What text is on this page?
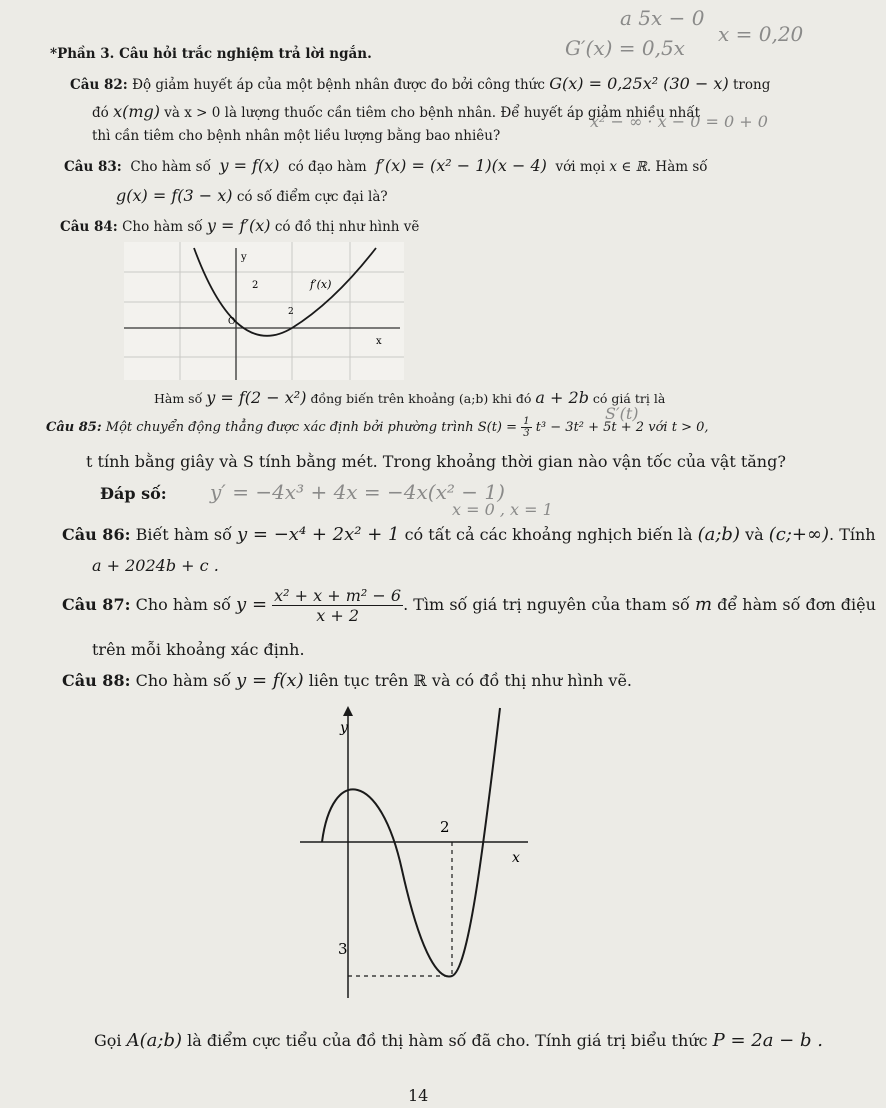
a 5x − 0
x = 0,20
G′(x) = 0,5x
x² − ∞ · x − 0 = 0 + 0
y′ = −4x³ + 4x = −4x(x² − 1)
x = 0 , x = 1
S′(t)
*Phần 3. Câu hỏi trắc nghiệm trả lời ngắn.
Câu 82: Độ giảm huyết áp của một bệnh nhân được đo bởi công thức G(x) = 0,25x² (30 − x) trong
đó x(mg) và x > 0 là lượng thuốc cần tiêm cho bệnh nhân. Để huyết áp giảm nhiều nhất
thì cần tiêm cho bệnh nhân một liều lượng bằng bao nhiêu?
Câu 83: Cho hàm số y = f(x) có đạo hàm f′(x) = (x² − 1)(x − 4) với mọi x ∈ ℝ. Hàm số
g(x) = f(3 − x) có số điểm cực đại là?
Câu 84: Cho hàm số y = f′(x) có đồ thị như hình vẽ
y
2	f′(x)
O
2
x
Hàm số y = f(2 − x²) đồng biến trên khoảng (a;b) khi đó a + 2b có giá trị là
Câu 85: Một chuyển động thẳng được xác định bởi phường trình $S(t) = \frac{1}{3} t^3 - 3t^2 + 5t + 2$ với t > 0,
t tính bằng giây và S tính bằng mét. Trong khoảng thời gian nào vận tốc của vật tăng?
Đáp số:
Câu 86: Biết hàm số y = −x⁴ + 2x² + 1 có tất cả các khoảng nghịch biến là (a;b) và (c;+∞). Tính
a + 2024b + c .
Câu 87: Cho hàm số $y = \frac{\text{x² + x + m² − 6}}{x + 2}$ . Tìm số giá trị nguyên của tham số m để hàm số đơn điệu
trên mỗi khoảng xác định.
Câu 88: Cho hàm số y = f(x) liên tục trên ℝ và có đồ thị như hình vẽ.
y
2
x
3
Gọi A(a;b) là điểm cực tiểu của đồ thị hàm số đã cho. Tính giá trị biểu thức P = 2a − b .
14
